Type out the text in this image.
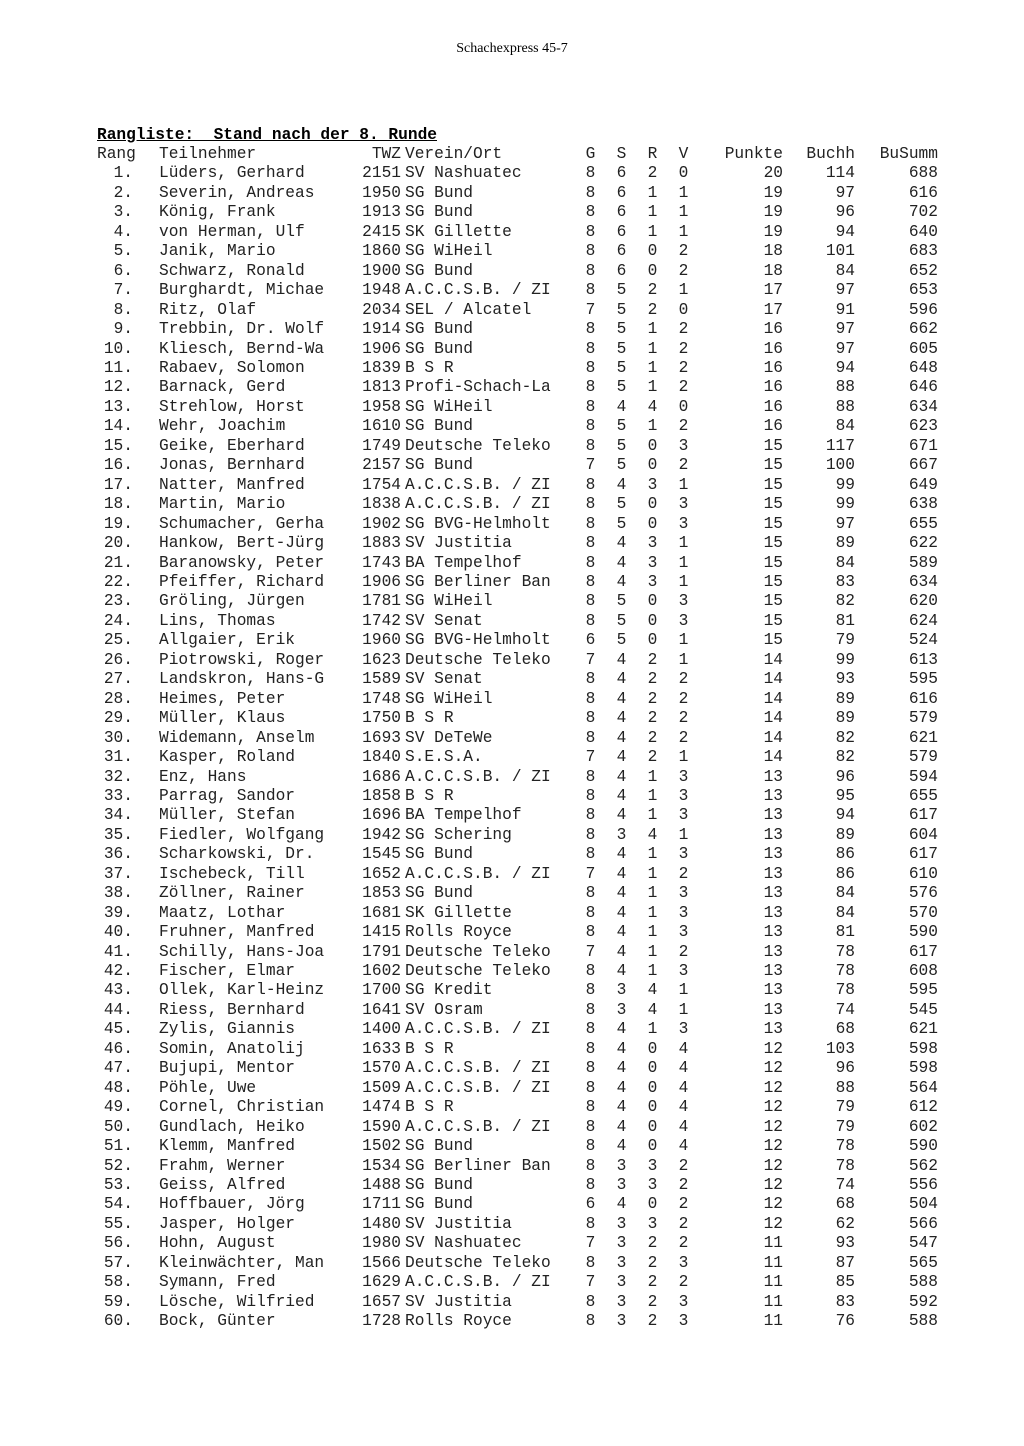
Schachexpress 45-7
Rangliste:  Stand nach der 8. Runde
Rang	Teilnehmer	TWZ	Verein/Ort	G	S	R	V	Punkte	Buchh	BuSumm
1.	Lüders, Gerhard	2151	SV Nashuatec	8	6	2	0	20	114	688
2.	Severin, Andreas	1950	SG Bund	8	6	1	1	19	97	616
3.	König, Frank	1913	SG Bund	8	6	1	1	19	96	702
4.	von Herman, Ulf	2415	SK Gillette	8	6	1	1	19	94	640
5.	Janik, Mario	1860	SG WiHeil	8	6	0	2	18	101	683
6.	Schwarz, Ronald	1900	SG Bund	8	6	0	2	18	84	652
7.	Burghardt, Michae	1948	A.C.C.S.B. / ZI	8	5	2	1	17	97	653
8.	Ritz, Olaf	2034	SEL / Alcatel	7	5	2	0	17	91	596
9.	Trebbin, Dr. Wolf	1914	SG Bund	8	5	1	2	16	97	662
10.	Kliesch, Bernd-Wa	1906	SG Bund	8	5	1	2	16	97	605
11.	Rabaev, Solomon	1839	B S R	8	5	1	2	16	94	648
12.	Barnack, Gerd	1813	Profi-Schach-La	8	5	1	2	16	88	646
13.	Strehlow, Horst	1958	SG WiHeil	8	4	4	0	16	88	634
14.	Wehr, Joachim	1610	SG Bund	8	5	1	2	16	84	623
15.	Geike, Eberhard	1749	Deutsche Teleko	8	5	0	3	15	117	671
16.	Jonas, Bernhard	2157	SG Bund	7	5	0	2	15	100	667
17.	Natter, Manfred	1754	A.C.C.S.B. / ZI	8	4	3	1	15	99	649
18.	Martin, Mario	1838	A.C.C.S.B. / ZI	8	5	0	3	15	99	638
19.	Schumacher, Gerha	1902	SG BVG-Helmholt	8	5	0	3	15	97	655
20.	Hankow, Bert-Jürg	1883	SV Justitia	8	4	3	1	15	89	622
21.	Baranowsky, Peter	1743	BA Tempelhof	8	4	3	1	15	84	589
22.	Pfeiffer, Richard	1906	SG Berliner Ban	8	4	3	1	15	83	634
23.	Gröling, Jürgen	1781	SG WiHeil	8	5	0	3	15	82	620
24.	Lins, Thomas	1742	SV Senat	8	5	0	3	15	81	624
25.	Allgaier, Erik	1960	SG BVG-Helmholt	6	5	0	1	15	79	524
26.	Piotrowski, Roger	1623	Deutsche Teleko	7	4	2	1	14	99	613
27.	Landskron, Hans-G	1589	SV Senat	8	4	2	2	14	93	595
28.	Heimes, Peter	1748	SG WiHeil	8	4	2	2	14	89	616
29.	Müller, Klaus	1750	B S R	8	4	2	2	14	89	579
30.	Widemann, Anselm	1693	SV DeTeWe	8	4	2	2	14	82	621
31.	Kasper, Roland	1840	S.E.S.A.	7	4	2	1	14	82	579
32.	Enz, Hans	1686	A.C.C.S.B. / ZI	8	4	1	3	13	96	594
33.	Parrag, Sandor	1858	B S R	8	4	1	3	13	95	655
34.	Müller, Stefan	1696	BA Tempelhof	8	4	1	3	13	94	617
35.	Fiedler, Wolfgang	1942	SG Schering	8	3	4	1	13	89	604
36.	Scharkowski, Dr.	1545	SG Bund	8	4	1	3	13	86	617
37.	Ischebeck, Till	1652	A.C.C.S.B. / ZI	7	4	1	2	13	86	610
38.	Zöllner, Rainer	1853	SG Bund	8	4	1	3	13	84	576
39.	Maatz, Lothar	1681	SK Gillette	8	4	1	3	13	84	570
40.	Fruhner, Manfred	1415	Rolls Royce	8	4	1	3	13	81	590
41.	Schilly, Hans-Joa	1791	Deutsche Teleko	7	4	1	2	13	78	617
42.	Fischer, Elmar	1602	Deutsche Teleko	8	4	1	3	13	78	608
43.	Ollek, Karl-Heinz	1700	SG Kredit	8	3	4	1	13	78	595
44.	Riess, Bernhard	1641	SV Osram	8	3	4	1	13	74	545
45.	Zylis, Giannis	1400	A.C.C.S.B. / ZI	8	4	1	3	13	68	621
46.	Somin, Anatolij	1633	B S R	8	4	0	4	12	103	598
47.	Bujupi, Mentor	1570	A.C.C.S.B. / ZI	8	4	0	4	12	96	598
48.	Pöhle, Uwe	1509	A.C.C.S.B. / ZI	8	4	0	4	12	88	564
49.	Cornel, Christian	1474	B S R	8	4	0	4	12	79	612
50.	Gundlach, Heiko	1590	A.C.C.S.B. / ZI	8	4	0	4	12	79	602
51.	Klemm, Manfred	1502	SG Bund	8	4	0	4	12	78	590
52.	Frahm, Werner	1534	SG Berliner Ban	8	3	3	2	12	78	562
53.	Geiss, Alfred	1488	SG Bund	8	3	3	2	12	74	556
54.	Hoffbauer, Jörg	1711	SG Bund	6	4	0	2	12	68	504
55.	Jasper, Holger	1480	SV Justitia	8	3	3	2	12	62	566
56.	Hohn, August	1980	SV Nashuatec	7	3	2	2	11	93	547
57.	Kleinwächter, Man	1566	Deutsche Teleko	8	3	2	3	11	87	565
58.	Symann, Fred	1629	A.C.C.S.B. / ZI	7	3	2	2	11	85	588
59.	Lösche, Wilfried	1657	SV Justitia	8	3	2	3	11	83	592
60.	Bock, Günter	1728	Rolls Royce	8	3	2	3	11	76	588
